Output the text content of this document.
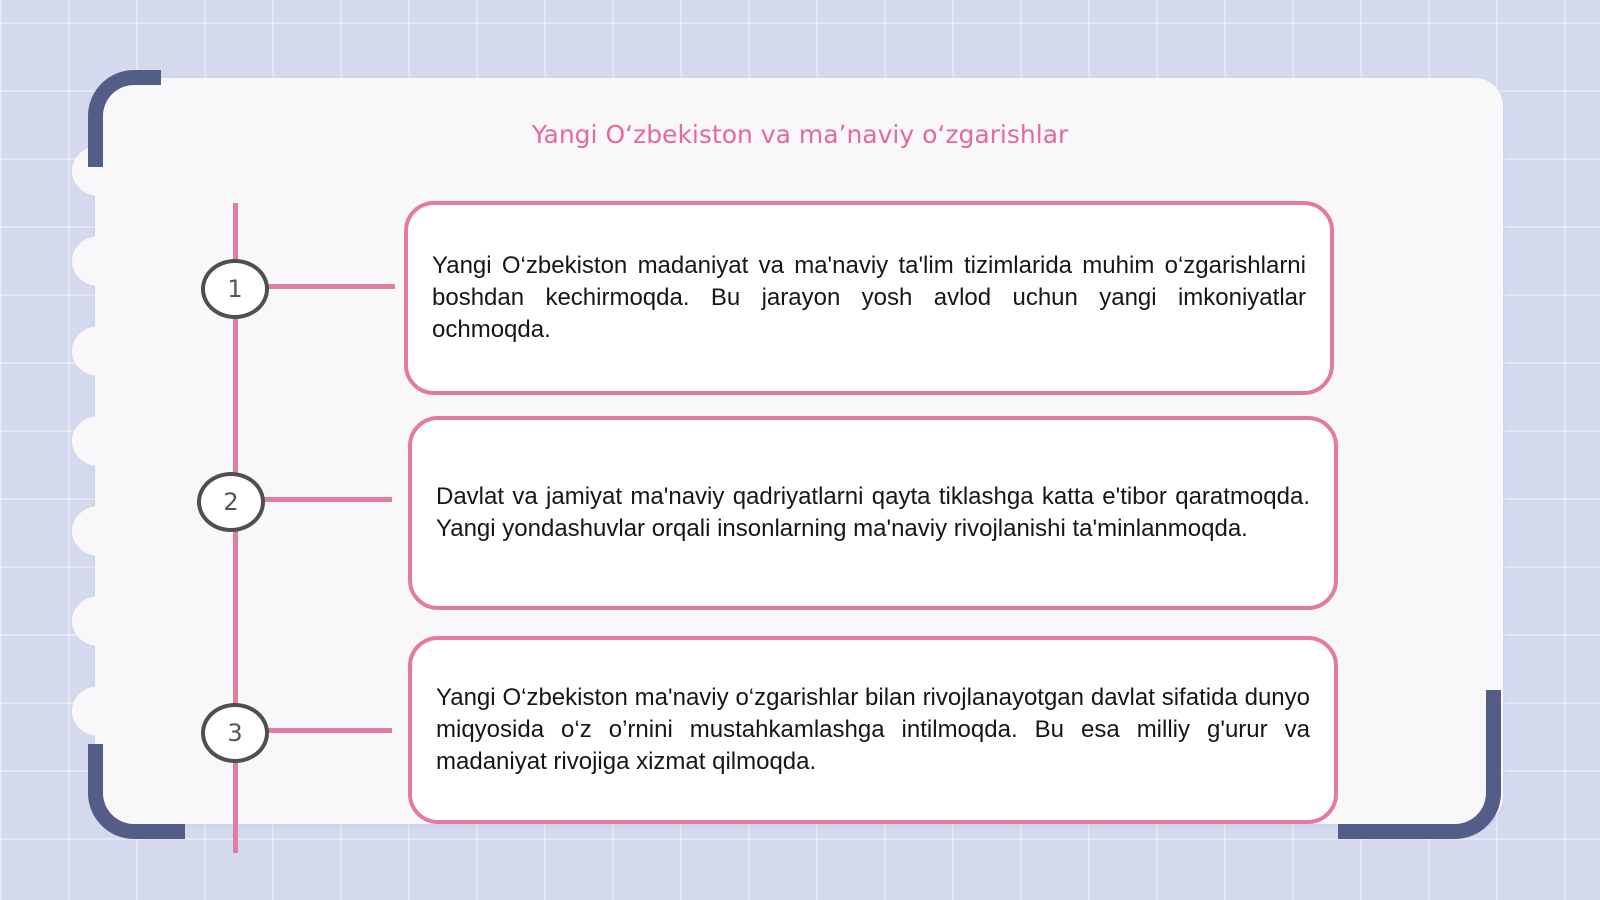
Yangi Oʻzbekiston va maʼnaviy oʻzgarishlar
1
2
3

Yangi O‘zbekiston madaniyat va ma'naviy ta'lim tizimlarida muhim o‘zgarishlarni boshdan kechirmoqda. Bu jarayon yosh avlod uchun yangi imkoniyatlar ochmoqda.

Davlat va jamiyat ma'naviy qadriyatlarni qayta tiklashga katta e'tibor qaratmoqda. Yangi yondashuvlar orqali insonlarning ma'naviy rivojlanishi ta'minlanmoqda.

Yangi O‘zbekiston ma'naviy o‘zgarishlar bilan rivojlanayotgan davlat sifatida dunyo miqyosida o‘z o’rnini mustahkamlashga intilmoqda. Bu esa milliy g'urur va madaniyat rivojiga xizmat qilmoqda.
